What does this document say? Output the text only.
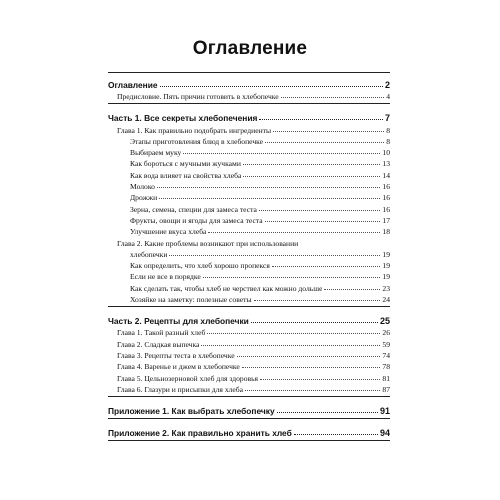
Оглавление
Оглавление	2
Предисловие. Пять причин готовить в хлебопечке	4
Часть 1. Все секреты хлебопечения	7
Глава 1. Как правильно подобрать ингредиенты	8
Этапы приготовления блюд в хлебопечке	8
Выбираем муку	10
Как бороться с мучными жучками	13
Как вода влияет на свойства хлеба	14
Молоко	16
Дрожжи	16
Зерна, семена, специи для замеса теста	16
Фрукты, овощи и ягоды для замеса теста	17
Улучшение вкуса хлеба	18
Глава 2. Какие проблемы возникают при использовании
хлебопечки	19
Как определить, что хлеб хорошо пропекся	19
Если не все в порядке	19
Как сделать так, чтобы хлеб не черствел как можно дольше	23
Хозяйке на заметку: полезные советы	24
Часть 2. Рецепты для хлебопечки	25
Глава 1. Такой разный хлеб	26
Глава 2. Сладкая выпечка	59
Глава 3. Рецепты теста в хлебопечке	74
Глава 4. Варенье и джем в хлебопечке	78
Глава 5. Цельнозерновой хлеб для здоровья	81
Глава 6. Глазури и присыпки для хлеба	87
Приложение 1. Как выбрать хлебопечку	91
Приложение 2. Как правильно хранить хлеб	94
